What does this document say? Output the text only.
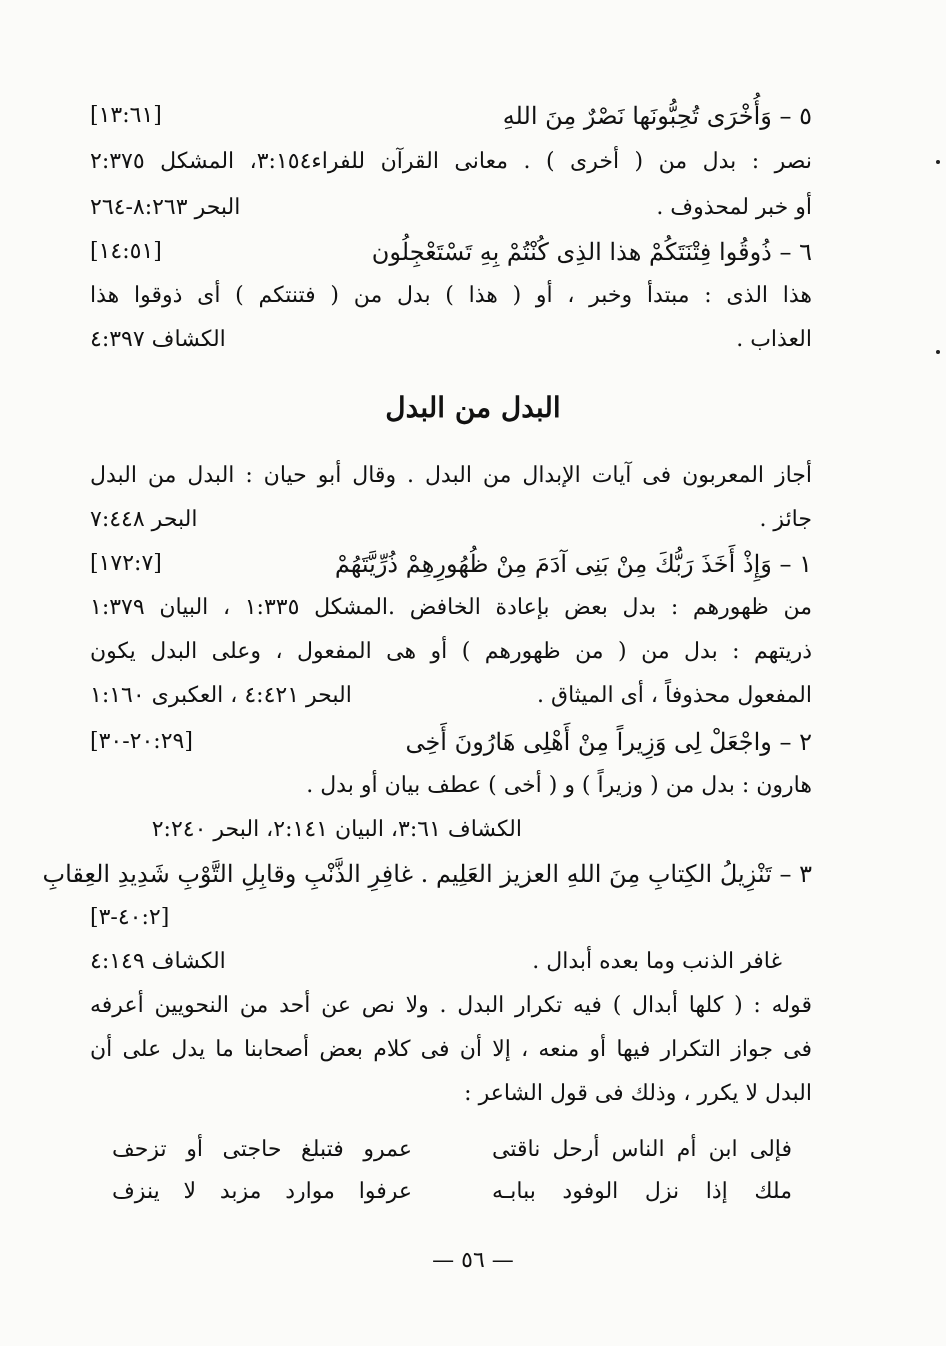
٥ – وَأُخْرَى تُحِبُّونَها نَصْرٌ مِنَ اللهِ
[١٣:٦١]
نصر : بدل من ( أخرى ) . معانى القرآن للفراء٣:١٥٤، المشكل ٢:٣٧٥
أو خبر لمحذوف .
البحر ٨:٢٦٣-٢٦٤
٦ – ذُوقُوا فِتْنَتَكُمْ هذا الذِى كُنْتُمْ بِهِ تَسْتَعْجِلُون
[١٤:٥١]
هذا الذى : مبتدأ وخبر ، أو ( هذا ) بدل من ( فتنتكم ) أى ذوقوا هذا
العذاب .
الكشاف ٤:٣٩٧
البدل من البدل
أجاز المعربون فى آيات الإبدال من البدل . وقال أبو حيان : البدل من البدل
جائز .
البحر ٧:٤٤٨
١ – وَإِذْ أَخَذَ رَبُّكَ مِنْ بَنِى آدَمَ مِنْ ظُهُورِهِمْ ذُرِّيَّتَهُمْ
[١٧٢:٧]
من ظهورهم : بدل بعض بإعادة الخافض .المشكل ١:٣٣٥ ، البيان ١:٣٧٩
ذريتهم : بدل من ( من ظهورهم ) أو هى المفعول ، وعلى البدل يكون
المفعول محذوفاً ، أى الميثاق .
البحر ٤:٤٢١ ، العكبرى ١:١٦٠
٢ – واجْعَلْ لِى وَزِيراً مِنْ أَهْلِى هَارُونَ أَخِى
[٢٠:٢٩-٣٠]
هارون : بدل من ( وزيراً ) و ( أخى ) عطف بيان أو بدل .
الكشاف ٣:٦١، البيان ٢:١٤١، البحر ٢:٢٤٠
٣ – تَنْزِيلُ الكِتابِ مِنَ اللهِ العزيز العَلِيم . غافِرِ الذَّنْبِ وقابِلِ التَّوْبِ شَدِيدِ العِقابِ
[٤٠:٢-٣]
غافر الذنب وما بعده أبدال .
الكشاف ٤:١٤٩
قوله : ( كلها أبدال ) فيه تكرار البدل . ولا نص عن أحد من النحويين أعرفه
فى جواز التكرار فيها أو منعه ، إلا أن فى كلام بعض أصحابنا ما يدل على أن
البدل لا يكرر ، وذلك فى قول الشاعر :
فإلى ابن أم الناس أرحل ناقتى
عمرو فتبلغ حاجتى أو تزحف
ملك إذا نزل الوفود ببابـه
عرفوا موارد مزبد لا ينزف
— ٥٦ —
